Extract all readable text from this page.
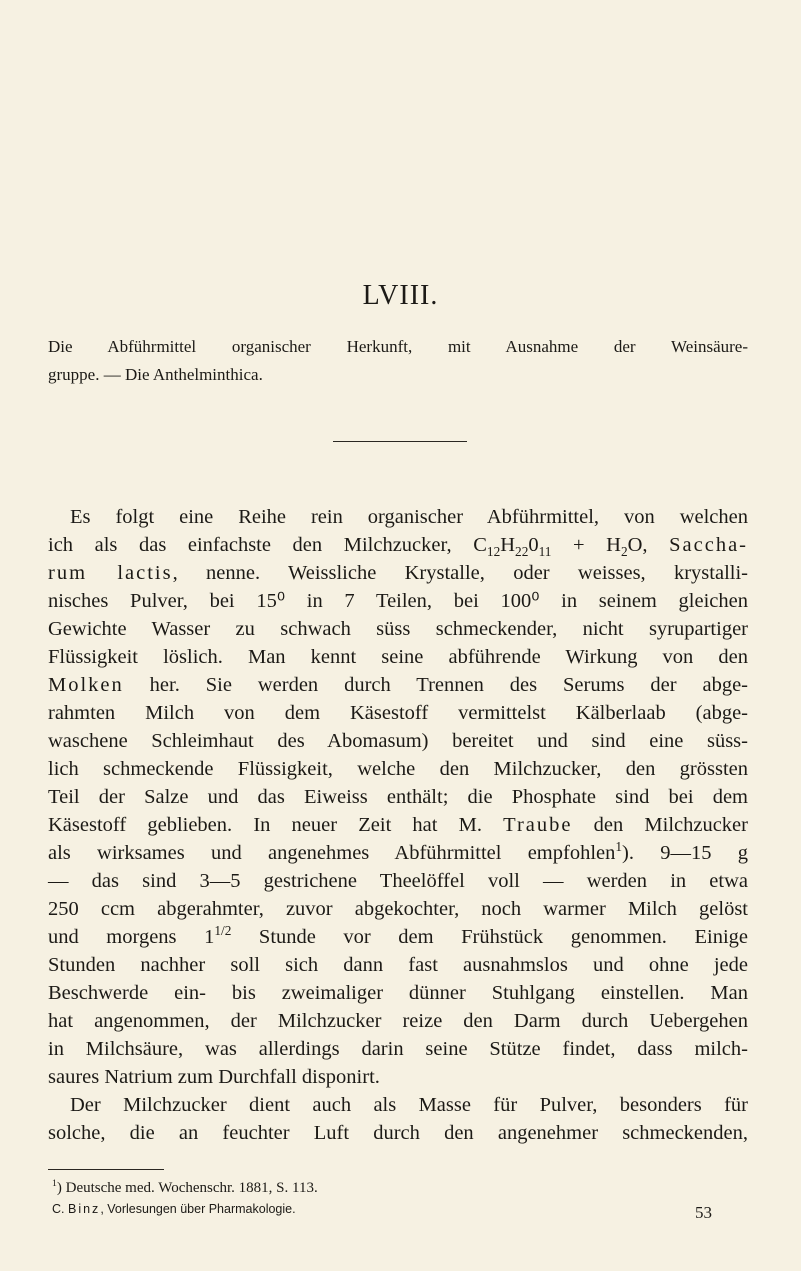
LVIII.
Die Abführmittel organischer Herkunft, mit Ausnahme der Weinsäure-
gruppe. — Die Anthelminthica.
Es folgt eine Reihe rein organischer Abführmittel, von welchen
ich als das einfachste den Milchzucker, $C_{12}H_{22}0_{11} + H_2O$, Saccha-
rum lactis, nenne. Weissliche Krystalle, oder weisses, krystalli-
nisches Pulver, bei 15⁰ in 7 Teilen, bei 100⁰ in seinem gleichen
Gewichte Wasser zu schwach süss schmeckender, nicht syrupartiger
Flüssigkeit löslich. Man kennt seine abführende Wirkung von den
Molken her. Sie werden durch Trennen des Serums der abge-
rahmten Milch von dem Käsestoff vermittelst Kälberlaab (abge-
waschene Schleimhaut des Abomasum) bereitet und sind eine süss-
lich schmeckende Flüssigkeit, welche den Milchzucker, den grössten
Teil der Salze und das Eiweiss enthält; die Phosphate sind bei dem
Käsestoff geblieben. In neuer Zeit hat M. Traube den Milchzucker
als wirksames und angenehmes Abführmittel empfohlen$^1$). 9—15 g
— das sind 3—5 gestrichene Theelöffel voll — werden in etwa
250 ccm abgerahmter, zuvor abgekochter, noch warmer Milch gelöst
und morgens $1^{1/2}$ Stunde vor dem Frühstück genommen. Einige
Stunden nachher soll sich dann fast ausnahmslos und ohne jede
Beschwerde ein- bis zweimaliger dünner Stuhlgang einstellen. Man
hat angenommen, der Milchzucker reize den Darm durch Uebergehen
in Milchsäure, was allerdings darin seine Stütze findet, dass milch-
saures Natrium zum Durchfall disponirt.
Der Milchzucker dient auch als Masse für Pulver, besonders für
solche, die an feuchter Luft durch den angenehmer schmeckenden,
$^1$) Deutsche med. Wochenschr. 1881, S. 113.
C. Binz, Vorlesungen über Pharmakologie.	53
